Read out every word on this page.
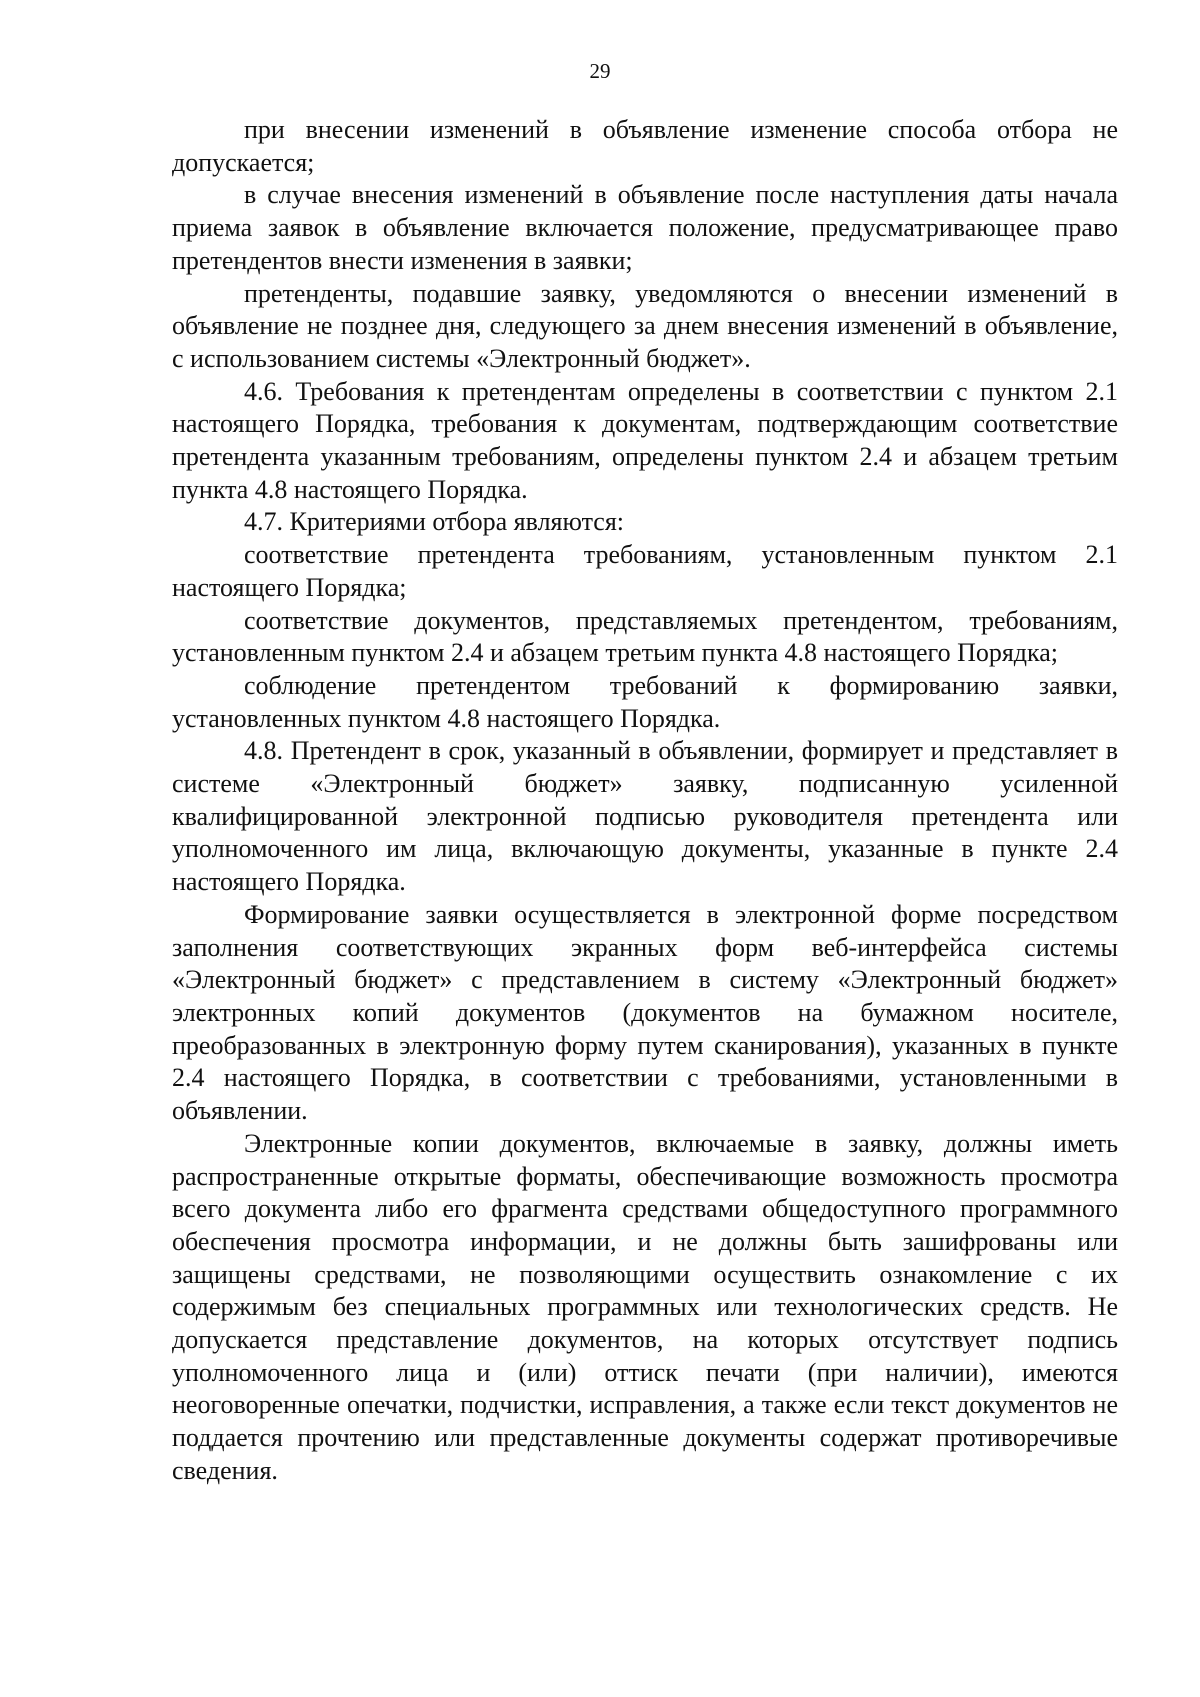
29

при внесении изменений в объявление изменение способа отбора не допускается;

в случае внесения изменений в объявление после наступления даты начала приема заявок в объявление включается положение, предусматривающее право претендентов внести изменения в заявки;

претенденты, подавшие заявку, уведомляются о внесении изменений в объявление не позднее дня, следующего за днем внесения изменений в объявление, с использованием системы «Электронный бюджет».

4.6. Требования к претендентам определены в соответствии с пунктом 2.1 настоящего Порядка, требования к документам, подтверждающим соответствие претендента указанным требованиям, определены пунктом 2.4 и абзацем третьим пункта 4.8 настоящего Порядка.

4.7. Критериями отбора являются:

соответствие претендента требованиям, установленным пунктом 2.1 настоящего Порядка;

соответствие документов, представляемых претендентом, требованиям, установленным пунктом 2.4 и абзацем третьим пункта 4.8 настоящего Порядка;

соблюдение претендентом требований к формированию заявки, установленных пунктом 4.8 настоящего Порядка.

4.8. Претендент в срок, указанный в объявлении, формирует и представляет в системе «Электронный бюджет» заявку, подписанную усиленной квалифицированной электронной подписью руководителя претендента или уполномоченного им лица, включающую документы, указанные в пункте 2.4 настоящего Порядка.

Формирование заявки осуществляется в электронной форме посредством заполнения соответствующих экранных форм веб-интерфейса системы «Электронный бюджет» с представлением в систему «Электронный бюджет» электронных копий документов (документов на бумажном носителе, преобразованных в электронную форму путем сканирования), указанных в пункте 2.4 настоящего Порядка, в соответствии с требованиями, установленными в объявлении.

Электронные копии документов, включаемые в заявку, должны иметь распространенные открытые форматы, обеспечивающие возможность просмотра всего документа либо его фрагмента средствами общедоступного программного обеспечения просмотра информации, и не должны быть зашифрованы или защищены средствами, не позволяющими осуществить ознакомление с их содержимым без специальных программных или технологических средств. Не допускается представление документов, на которых отсутствует подпись уполномоченного лица и (или) оттиск печати (при наличии), имеются неоговоренные опечатки, подчистки, исправления, а также если текст документов не поддается прочтению или представленные документы содержат противоречивые сведения.
